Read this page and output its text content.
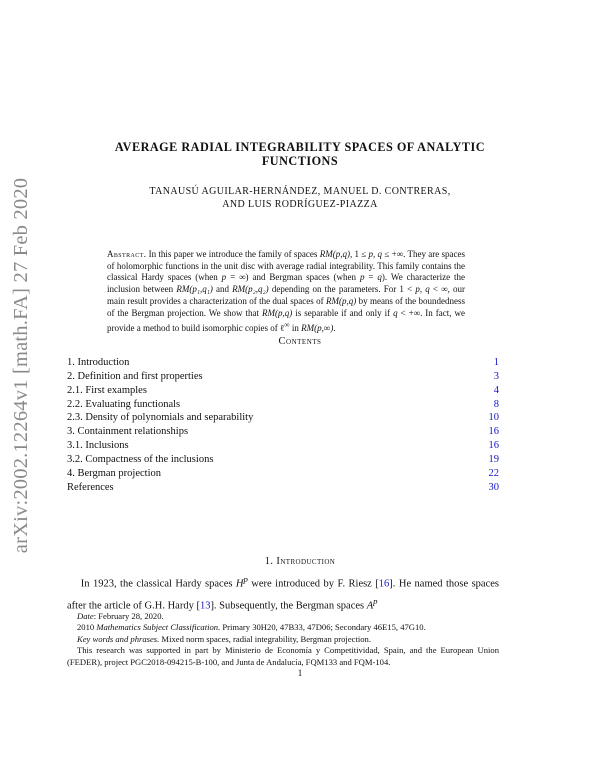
arXiv:2002.12264v1 [math.FA] 27 Feb 2020
AVERAGE RADIAL INTEGRABILITY SPACES OF ANALYTIC
FUNCTIONS
TANAUSÚ AGUILAR-HERNÁNDEZ, MANUEL D. CONTRERAS,
AND LUIS RODRÍGUEZ-PIAZZA

Abstract. In this paper we introduce the family of spaces RM(p,q), 1 ≤ p, q ≤ +∞. They are spaces of holomorphic functions in the unit disc with average radial integrability. This family contains the classical Hardy spaces (when p = ∞) and Bergman spaces (when p = q). We characterize the inclusion between RM(p₁,q₁) and RM(p₂,q₂) depending on the parameters. For 1 < p, q < ∞, our main result provides a characterization of the dual spaces of RM(p,q) by means of the boundedness of the Bergman projection. We show that RM(p,q) is separable if and only if q < +∞. In fact, we provide a method to build isomorphic copies of ℓ∞ in RM(p,∞).

Contents
1. Introduction	1
2. Definition and first properties	3
2.1. First examples	4
2.2. Evaluating functionals	8
2.3. Density of polynomials and separability	10
3. Containment relationships	16
3.1. Inclusions	16
3.2. Compactness of the inclusions	19
4. Bergman projection	22
References	30
1. Introduction

In 1923, the classical Hardy spaces $H^p$ were introduced by F. Riesz [16]. He named those spaces after the article of G.H. Hardy [13]. Subsequently, the Bergman spaces $A^p$

Date: February 28, 2020.

2010 Mathematics Subject Classification. Primary 30H20, 47B33, 47D06; Secondary 46E15, 47G10.

Key words and phrases. Mixed norm spaces, radial integrability, Bergman projection.

This research was supported in part by Ministerio de Economía y Competitividad, Spain, and the European Union (FEDER), project PGC2018-094215-B-100, and Junta de Andalucía, FQM133 and FQM-104.

1
